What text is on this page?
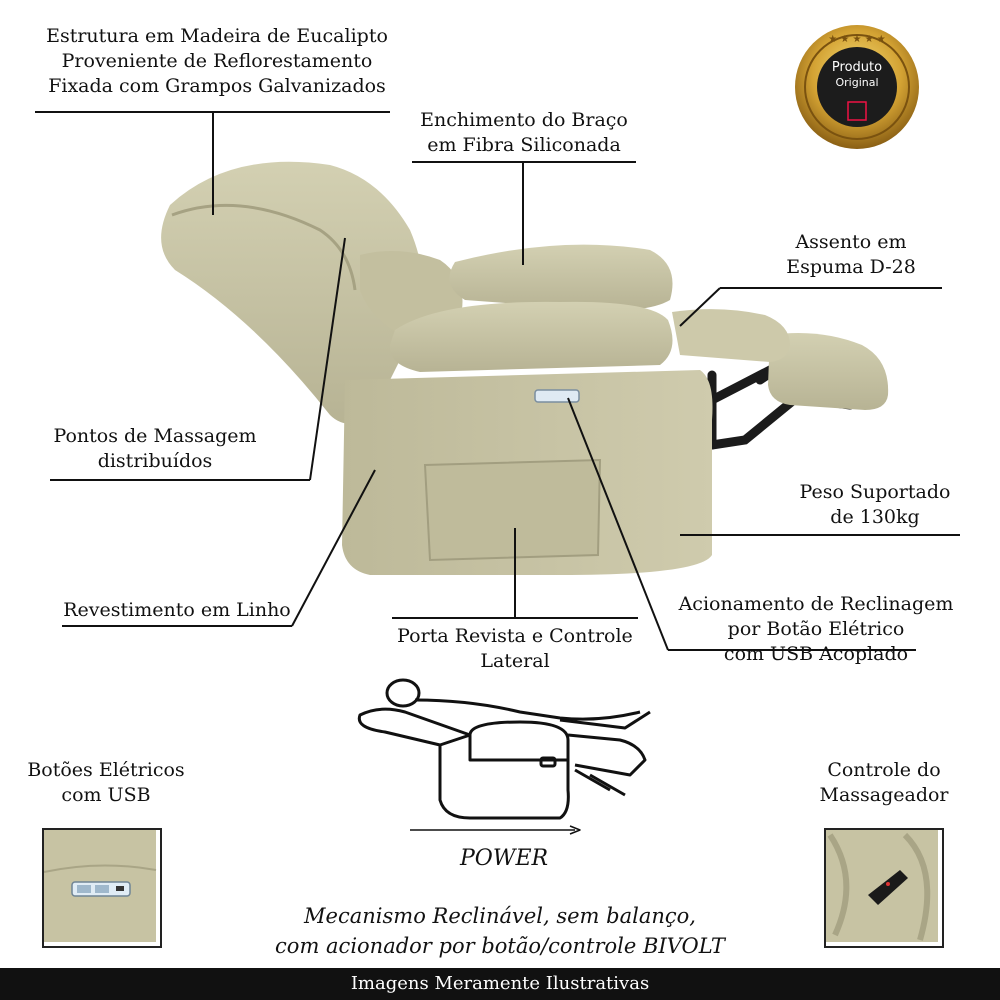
★ ★ ★ ★ ★
Produto
Original
Estrutura em Madeira de Eucalipto
Proveniente de Reflorestamento
Fixada com Grampos Galvanizados
Enchimento do Braço
em Fibra Siliconada
Assento em
Espuma D-28
Pontos de Massagem
distribuídos
Peso Suportado
de 130kg
Revestimento em Linho	Acionamento de Reclinagem
por Botão Elétrico
com USB Acoplado
Porta Revista e Controle
Lateral
Botões Elétricos
com USB
Controle do
Massageador
POWER
Mecanismo Reclinável, sem balanço,
com acionador por botão/controle BIVOLT
Imagens Meramente Ilustrativas
